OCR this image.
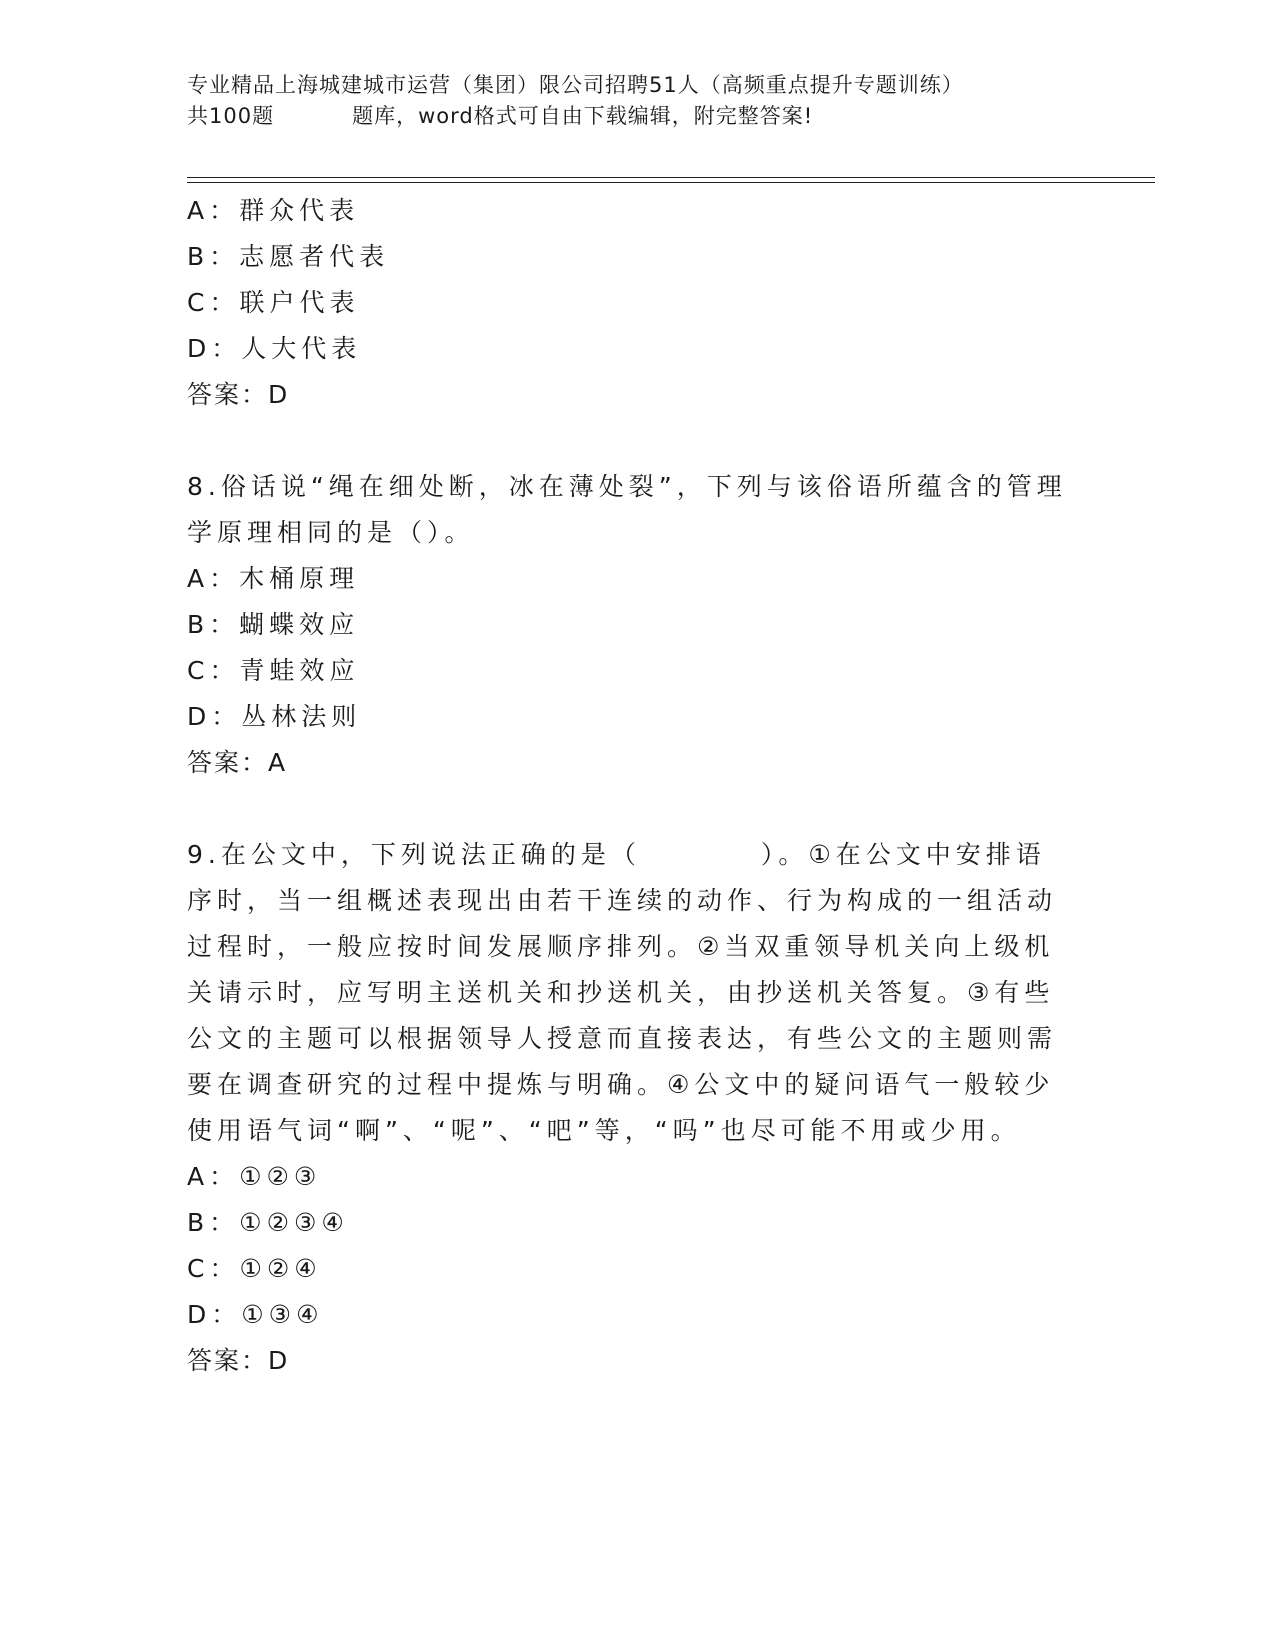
专业精品上海城建城市运营（集团）限公司招聘51人（高频重点提升专题训练）
共100题	题库，word格式可自由下载编辑，附完整答案!
A：群众代表
B：志愿者代表
C：联户代表
D：人大代表
答案：D
8.俗话说“绳在细处断，冰在薄处裂”，下列与该俗语所蕴含的管理
学原理相同的是（）。
A：木桶原理
B：蝴蝶效应
C：青蛙效应
D：丛林法则
答案：A
9.在公文中，下列说法正确的是（	）。①在公文中安排语序时，当一组概述表现出由若干连续的动作、行为构成的一组活动过程时，一般应按时间发展顺序排列。②当双重领导机关向上级机关请示时，应写明主送机关和抄送机关，由抄送机关答复。③有些公文的主题可以根据领导人授意而直接表达，有些公文的主题则需要在调查研究的过程中提炼与明确。④公文中的疑问语气一般较少使用语气词“啊”、“呢”、“吧”等，“吗”也尽可能不用或少用。
A：①②③
B：①②③④
C：①②④
D：①③④
答案：D
